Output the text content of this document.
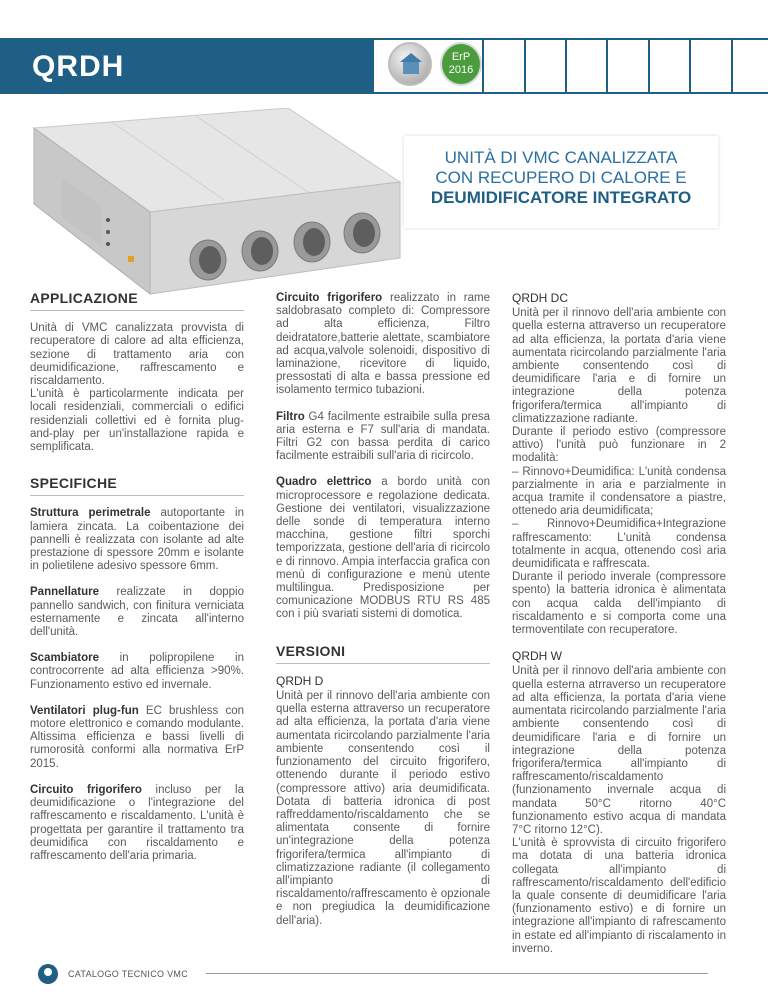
QRDH	ErP
2016
UNITÀ DI VMC CANALIZZATA
CON RECUPERO DI CALORE E
DEUMIDIFICATORE INTEGRATO
APPLICAZIONE
Unità di VMC canalizzata provvista di recuperatore di calore ad alta efficienza, sezione di trattamento aria con deumidificazione, raffrescamento e riscaldamento.
L'unità è particolarmente indicata per locali residenziali, commerciali o edifici residenziali collettivi ed è fornita plug-and-play per un'installazione rapida e semplificata.
SPECIFICHE
Struttura perimetrale autoportante in lamiera zincata. La coibentazione dei pannelli è realizzata con isolante ad alte prestazione di spessore 20mm e isolante in polietilene adesivo spessore 6mm.
Pannellature realizzate in doppio pannello sandwich, con finitura verniciata esternamente e zincata all'interno dell'unità.
Scambiatore in polipropilene in controcorrente ad alta efficienza >90%. Funzionamento estivo ed invernale.
Ventilatori plug-fun EC brushless con motore elettronico e comando modulante. Altissima efficienza e bassi livelli di rumorosità conformi alla normativa ErP 2015.
Circuito frigorifero incluso per la deumidificazione o l'integrazione del raffrescamento e riscaldamento. L'unità è progettata per garantire il trattamento tra deumidifica con riscaldamento e raffrescamento dell'aria primaria.
Circuito frigorifero realizzato in rame saldobrasato completo di: Compressore ad alta efficienza, Filtro deidratatore,batterie alettate, scambiatore ad acqua,valvole solenoidi, dispositivo di laminazione, ricevitore di liquido, pressostati di alta e bassa pressione ed isolamento termico tubazioni.
Filtro G4 facilmente estraibile sulla presa aria esterna e F7 sull'aria di mandata. Filtri G2 con bassa perdita di carico facilmente estraibili sull'aria di ricircolo.
Quadro elettrico a bordo unità con microprocessore e regolazione dedicata. Gestione dei ventilatori, visualizzazione delle sonde di temperatura interno macchina, gestione filtri sporchi temporizzata, gestione dell'aria di ricircolo e di rinnovo. Ampia interfaccia grafica con menù di configurazione e menù utente multilingua. Predisposizione per comunicazione MODBUS RTU RS 485 con i più svariati sistemi di domotica.
VERSIONI
QRDH D
Unità per il rinnovo dell'aria ambiente con quella esterna attraverso un recuperatore ad alta efficienza, la portata d'aria viene aumentata ricircolando parzialmente l'aria ambiente consentendo così il funzionamento del circuito frigorifero, ottenendo durante il periodo estivo (compressore attivo) aria deumidificata. Dotata di batteria idronica di post raffreddamento/riscaldamento che se alimentata consente di fornire un'integrazione della potenza frigorifera/termica all'impianto di climatizzazione radiante (il collegamento all'impianto di riscaldamento/raffrescamento è opzionale e non pregiudica la deumidificazione dell'aria).
QRDH DC
Unità per il rinnovo dell'aria ambiente con quella esterna attraverso un recuperatore ad alta efficienza, la portata d'aria viene aumentata ricircolando parzialmente l'aria ambiente consentendo così di deumidificare l'aria e di fornire un integrazione della potenza frigorifera/termica all'impianto di climatizzazione radiante.
Durante il periodo estivo (compressore attivo) l'unità può funzionare in 2 modalità:
– Rinnovo+Deumidifica: L'unità condensa parzialmente in aria e parzialmente in acqua tramite il condensatore a piastre, ottenedo aria deumidificata;
– Rinnovo+Deumidifica+Integrazione raffrescamento: L'unità condensa totalmente in acqua, ottenendo così aria deumidificata e raffrescata.
Durante il periodo inverale (compressore spento) la batteria idronica è alimentata con acqua calda dell'impianto di riscaldamento e si comporta come una termoventilate con recuperatore.
QRDH W
Unità per il rinnovo dell'aria ambiente con quella esterna atrraverso un recuperatore ad alta efficienza, la portata d'aria viene aumentata ricircolando parzialmente l'aria ambiente consentendo così di deumidificare l'aria e di fornire un integrazione della potenza frigorifera/termica all'impianto di raffrescamento/riscaldamento (funzionamento invernale acqua di mandata 50°C ritorno 40°C funzionamento estivo acqua di mandata 7°C ritorno 12°C).
L'unità è sprovvista di circuito frigorifero ma dotata di una batteria idronica collegata all'impianto di raffrescamento/riscaldamento dell'edificio la quale consente di deumidificare l'aria (funzionamento estivo) e di fornire un integrazione all'impianto di rafrescamento in estate ed all'impianto di riscalamento in inverno.
CATALOGO TECNICO VMC
